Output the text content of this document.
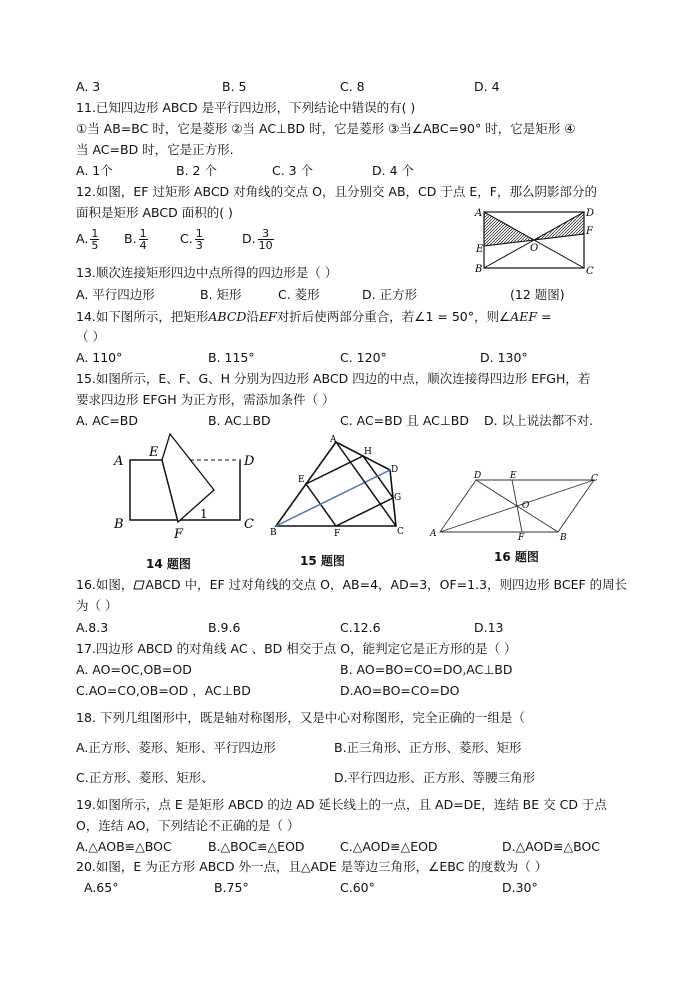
A. 3	B. 5	C. 8	D. 4
11.已知四边形 ABCD 是平行四边形，下列结论中错误的有( )
①当 AB=BC 时，它是菱形 ②当 AC⊥BD 时，它是菱形 ③当∠ABC=90° 时，它是矩形 ④
当 AC=BD 时，它是正方形.
A. 1个	B. 2 个	C. 3 个	D. 4 个
12.如图，EF 过矩形 ABCD 对角线的交点 O，且分别交 AB，CD 于点 E，F，那么阴影部分的
面积是矩形 ABCD 面积的( )
A. $\frac{1}{5} B$. $\frac{1}{4}$	C. $\frac{1}{3}$	D. $\frac{3}{10}$
A	D
E
F
O
B	C
13.顺次连接矩形四边中点所得的四边形是（ ）
A. 平行四边形	B. 矩形	C. 菱形	D. 正方形	(12 题图)
14.如下图所示，把矩形ABCD沿EF对折后使两部分重合，若∠1 = 50°，则∠AEF =
（ ）
A. 110°	B. 115°	C. 120°	D. 130°
15.如图所示，E、F、G、H 分别为四边形 ABCD 四边的中点，顺次连接得四边形 EFGH，若
要求四边形 EFGH 为正方形，需添加条件（ ）
A. AC=BD	B. AC⊥BD	C. AC=BD 且 AC⊥BD D. 以上说法都不对.
A
E
D
B
F
1
C
14 题图
A
H
D
E
G
B	F	C
15 题图
D	E	C
O
A	F	B
16 题图
16.如图， ABCD 中，EF 过对角线的交点 O，AB=4，AD=3，OF=1.3，则四边形 BCEF 的周长
为（ ）
A.8.3	B.9.6	C.12.6	D.13
17.四边形 ABCD 的对角线 AC 、BD 相交于点 O，能判定它是正方形的是（ ）
A. AO=OC,OB=OD	B. AO=BO=CO=DO,AC⊥BD
C.AO=CO,OB=OD ，AC⊥BD	D.AO=BO=CO=DO
18. 下列几组图形中，既是轴对称图形，又是中心对称图形，完全正确的一组是（
A.正方形、菱形、矩形、平行四边形	B.正三角形、正方形、菱形、矩形
C.正方形、菱形、矩形、	D.平行四边形、正方形、等腰三角形
19.如图所示，点 E 是矩形 ABCD 的边 AD 延长线上的一点，且 AD=DE，连结 BE 交 CD 于点
O，连结 AO，下列结论不正确的是（ ）
A.△AOB≌△BOC	B.△BOC≌△EOD	C.△AOD≌△EOD	D.△AOD≌△BOC
20.如图，E 为正方形 ABCD 外一点，且△ADE 是等边三角形，∠EBC 的度数为（ ）
A.65°	B.75°	C.60°	D.30°
